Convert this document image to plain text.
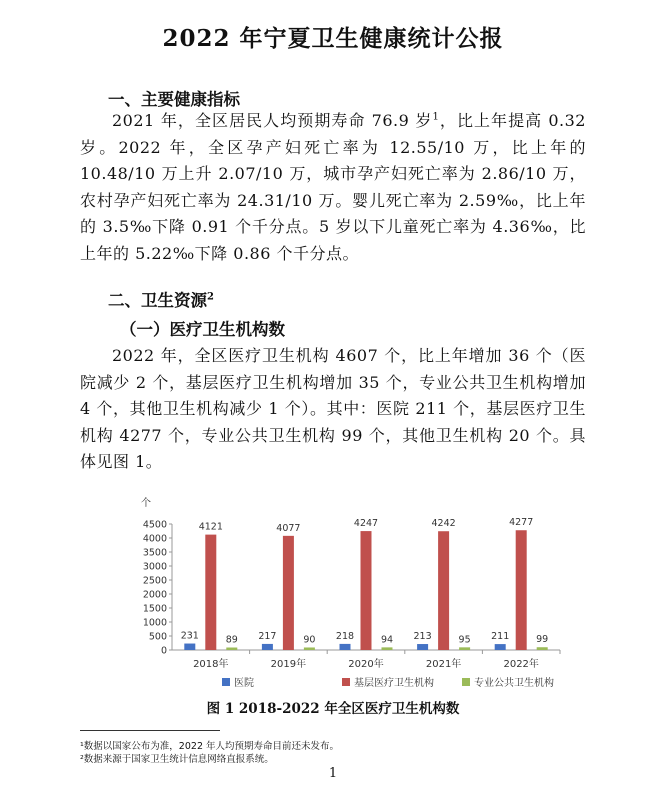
2022 年宁夏卫生健康统计公报
一、主要健康指标
2021 年，全区居民人均预期寿命 76.9 岁$^1$，比上年提高 0.32 岁。2022 年，全区孕产妇死亡率为 12.55/10 万，比上年的 10.48/10 万上升 2.07/10 万，城市孕产妇死亡率为 2.86/10 万，农村孕产妇死亡率为 24.31/10 万。婴儿死亡率为 2.59‰，比上年的 3.5‰下降 0.91 个千分点。5 岁以下儿童死亡率为 4.36‰，比上年的 5.22‰下降 0.86 个千分点。
二、卫生资源$^2$
（一）医疗卫生机构数
2022 年，全区医疗卫生机构 4607 个，比上年增加 36 个（医院减少 2 个，基层医疗卫生机构增加 35 个，专业公共卫生机构增加 4 个，其他卫生机构减少 1 个）。其中：医院 211 个，基层医疗卫生机构 4277 个，专业公共卫生机构 99 个，其他卫生机构 20 个。具体见图 1。
个
0
500
1000
1500
2000
2500
3000
3500
4000
4500
231
4121
89
2018年
217
4077
90
2019年
218
4247
94
2020年
213
4242
95
2021年
211
4277
99
2022年
医院	基层医疗卫生机构	专业公共卫生机构
图 1 2018-2022 年全区医疗卫生机构数
¹数据以国家公布为准，2022 年人均预期寿命目前还未发布。
²数据来源于国家卫生统计信息网络直报系统。
1
